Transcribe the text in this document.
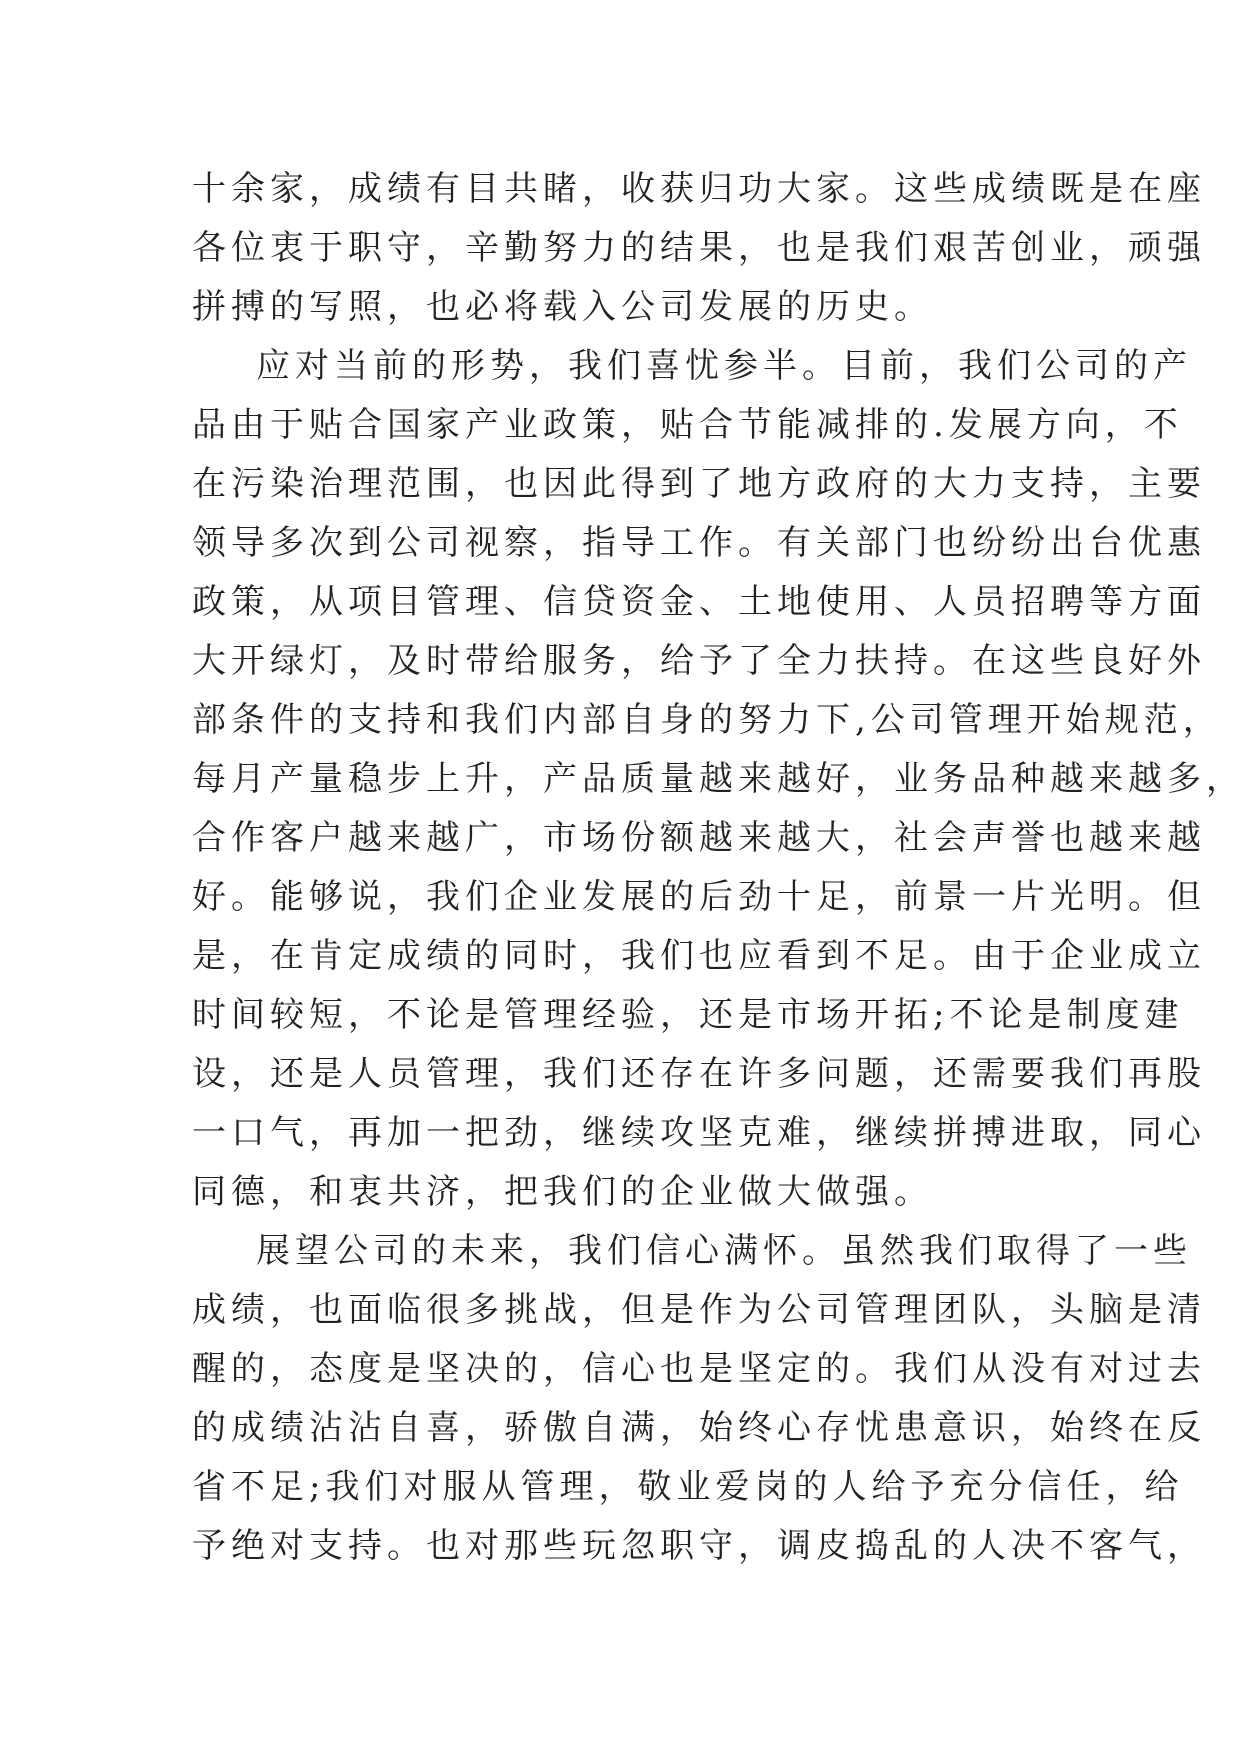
十余家，成绩有目共睹，收获归功大家。这些成绩既是在座
各位衷于职守，辛勤努力的结果，也是我们艰苦创业，顽强
拼搏的写照，也必将载入公司发展的历史。
应对当前的形势，我们喜忧参半。目前，我们公司的产
品由于贴合国家产业政策，贴合节能减排的.发展方向，不
在污染治理范围，也因此得到了地方政府的大力支持，主要
领导多次到公司视察，指导工作。有关部门也纷纷出台优惠
政策，从项目管理、信贷资金、土地使用、人员招聘等方面
大开绿灯，及时带给服务，给予了全力扶持。在这些良好外
部条件的支持和我们内部自身的努力下,公司管理开始规范，
每月产量稳步上升，产品质量越来越好，业务品种越来越多，
合作客户越来越广，市场份额越来越大，社会声誉也越来越
好。能够说，我们企业发展的后劲十足，前景一片光明。但
是，在肯定成绩的同时，我们也应看到不足。由于企业成立
时间较短，不论是管理经验，还是市场开拓;不论是制度建
设，还是人员管理，我们还存在许多问题，还需要我们再股
一口气，再加一把劲，继续攻坚克难，继续拼搏进取，同心
同德，和衷共济，把我们的企业做大做强。
展望公司的未来，我们信心满怀。虽然我们取得了一些
成绩，也面临很多挑战，但是作为公司管理团队，头脑是清
醒的，态度是坚决的，信心也是坚定的。我们从没有对过去
的成绩沾沾自喜，骄傲自满，始终心存忧患意识，始终在反
省不足;我们对服从管理，敬业爱岗的人给予充分信任，给
予绝对支持。也对那些玩忽职守，调皮捣乱的人决不客气，
